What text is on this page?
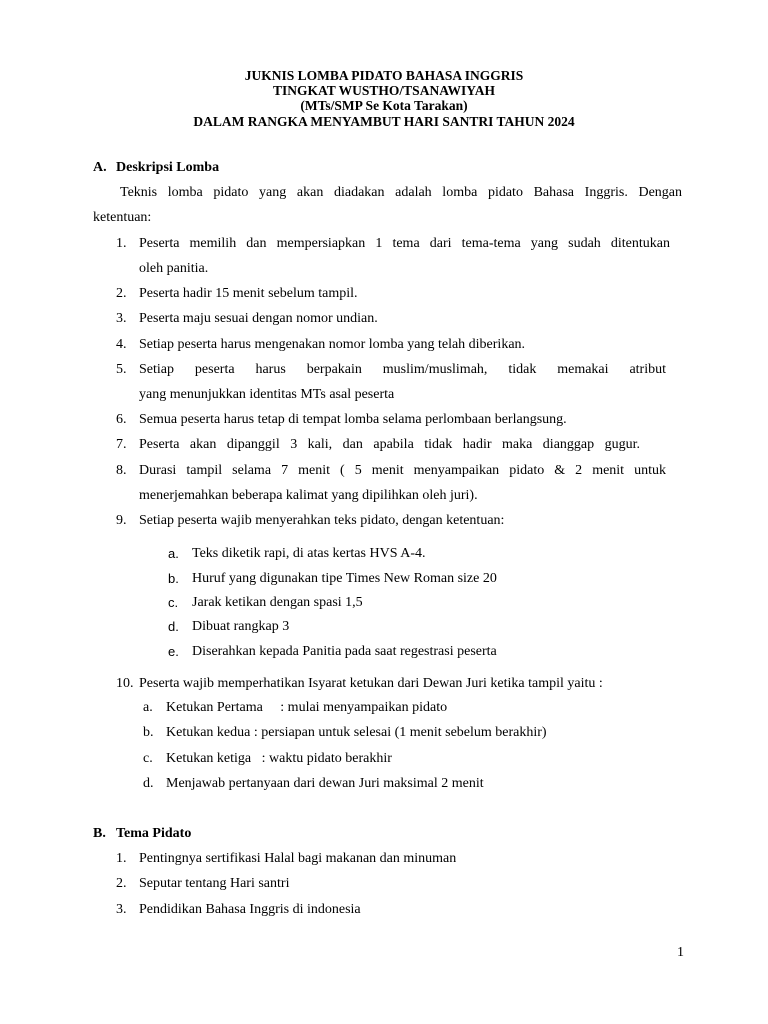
JUKNIS LOMBA PIDATO BAHASA INGGRIS
TINGKAT WUSTHO/TSANAWIYAH
(MTs/SMP Se Kota Tarakan)
DALAM RANGKA MENYAMBUT HARI SANTRI TAHUN 2024
A. Deskripsi Lomba
Teknis lomba pidato yang akan diadakan adalah lomba pidato Bahasa Inggris. Dengan
ketentuan:
1. Peserta memilih dan mempersiapkan 1 tema dari tema-tema yang sudah ditentukan
oleh panitia.
2. Peserta hadir 15 menit sebelum tampil.
3. Peserta maju sesuai dengan nomor undian.
4. Setiap peserta harus mengenakan nomor lomba yang telah diberikan.
5. Setiap peserta harus berpakain muslim/muslimah, tidak memakai atribut
yang menunjukkan identitas MTs asal peserta
6. Semua peserta harus tetap di tempat lomba selama perlombaan berlangsung.
7. Peserta akan dipanggil 3 kali, dan apabila tidak hadir maka dianggap gugur.
8. Durasi tampil selama 7 menit ( 5 menit menyampaikan pidato & 2 menit untuk
menerjemahkan beberapa kalimat yang dipilihkan oleh juri).
9. Setiap peserta wajib menyerahkan teks pidato, dengan ketentuan:
a. Teks diketik rapi, di atas kertas HVS A-4.
b. Huruf yang digunakan tipe Times New Roman size 20
c. Jarak ketikan dengan spasi 1,5
d. Dibuat rangkap 3
e. Diserahkan kepada Panitia pada saat regestrasi peserta
10. Peserta wajib memperhatikan Isyarat ketukan dari Dewan Juri ketika tampil yaitu :
a. Ketukan Pertama     : mulai menyampaikan pidato
b. Ketukan kedua : persiapan untuk selesai (1 menit sebelum berakhir)
c. Ketukan ketiga   : waktu pidato berakhir
d. Menjawab pertanyaan dari dewan Juri maksimal 2 menit
B. Tema Pidato
1. Pentingnya sertifikasi Halal bagi makanan dan minuman
2. Seputar tentang Hari santri
3. Pendidikan Bahasa Inggris di indonesia
1
